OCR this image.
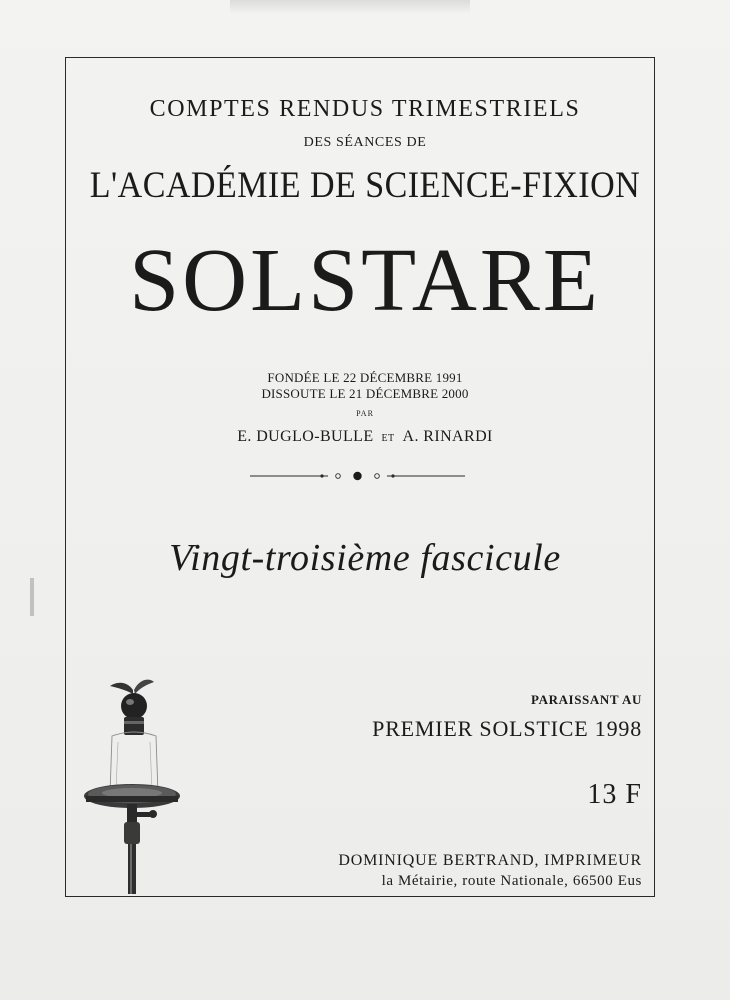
COMPTES RENDUS TRIMESTRIELS
DES SÉANCES DE
L'ACADÉMIE DE SCIENCE-FIXION
SOLSTARE
FONDÉE LE 22 DÉCEMBRE 1991
DISSOUTE LE 21 DÉCEMBRE 2000
PAR
E. DUGLO-BULLE ET A. RINARDI
Vingt-troisième fascicule
PARAISSANT AU
PREMIER SOLSTICE 1998
13 F
DOMINIQUE BERTRAND, IMPRIMEUR
la Métairie, route Nationale, 66500 Eus
